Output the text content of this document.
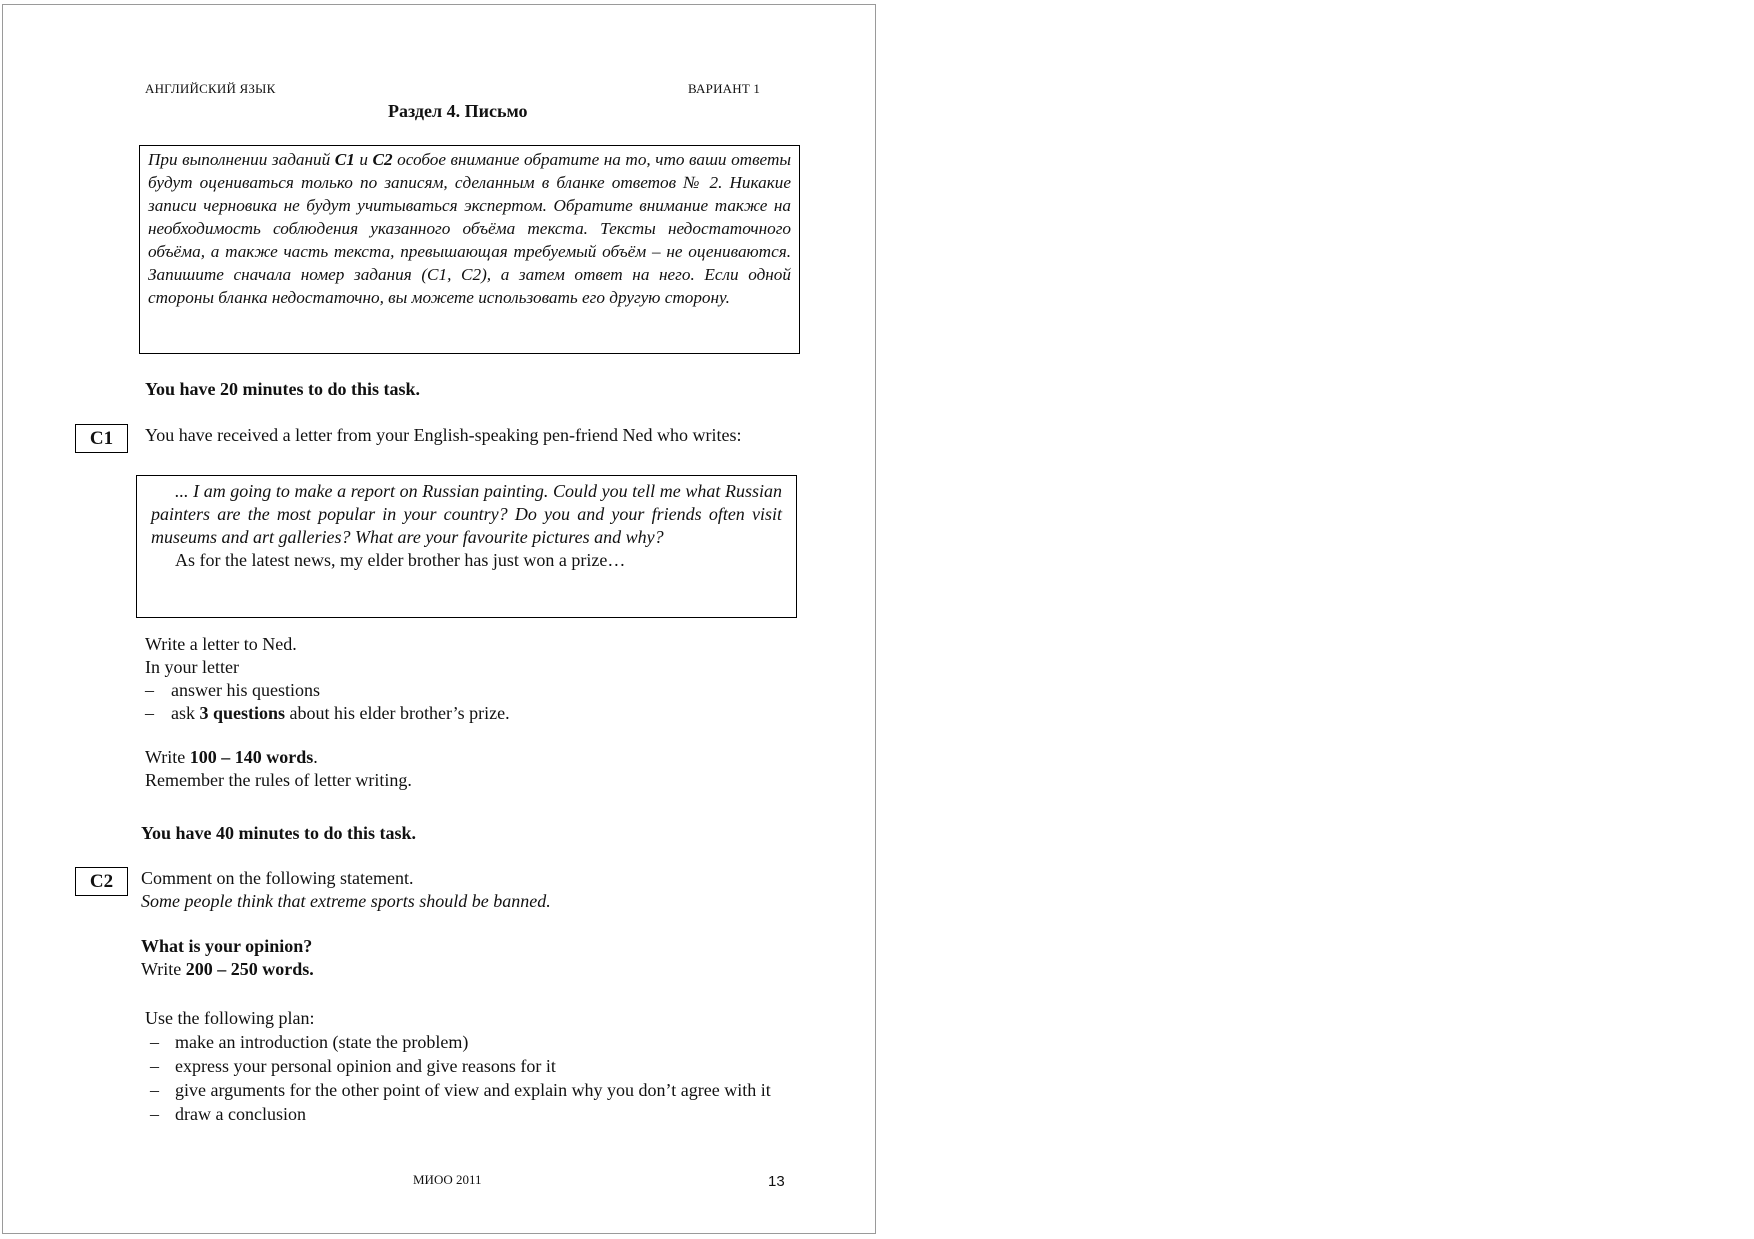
АНГЛИЙСКИЙ ЯЗЫК	ВАРИАНТ 1
Раздел 4. Письмо
При выполнении заданий C1 и C2 особое внимание обратите на то, что ваши ответы будут оцениваться только по записям, сделанным в бланке ответов № 2. Никакие записи черновика не будут учитываться экспертом. Обратите внимание также на необходимость соблюдения указанного объёма текста. Тексты недостаточного объёма, а также часть текста, превышающая требуемый объём – не оцениваются. Запишите сначала номер задания (C1, C2), а затем ответ на него. Если одной стороны бланка недостаточно, вы можете использовать его другую сторону.
You have 20 minutes to do this task.
C1	You have received a letter from your English-speaking pen-friend Ned who writes:
... I am going to make a report on Russian painting. Could you tell me what Russian painters are the most popular in your country? Do you and your friends often visit museums and art galleries? What are your favourite pictures and why?
As for the latest news, my elder brother has just won a prize…
Write a letter to Ned.
In your letter
– answer his questions
– ask 3 questions about his elder brother’s prize.
Write 100 – 140 words.
Remember the rules of letter writing.
You have 40 minutes to do this task.
C2	Comment on the following statement.
Some people think that extreme sports should be banned.
What is your opinion?
Write 200 – 250 words.
Use the following plan:
– make an introduction (state the problem)
– express your personal opinion and give reasons for it
– give arguments for the other point of view and explain why you don’t agree with it
– draw a conclusion
МИОО 2011	13
